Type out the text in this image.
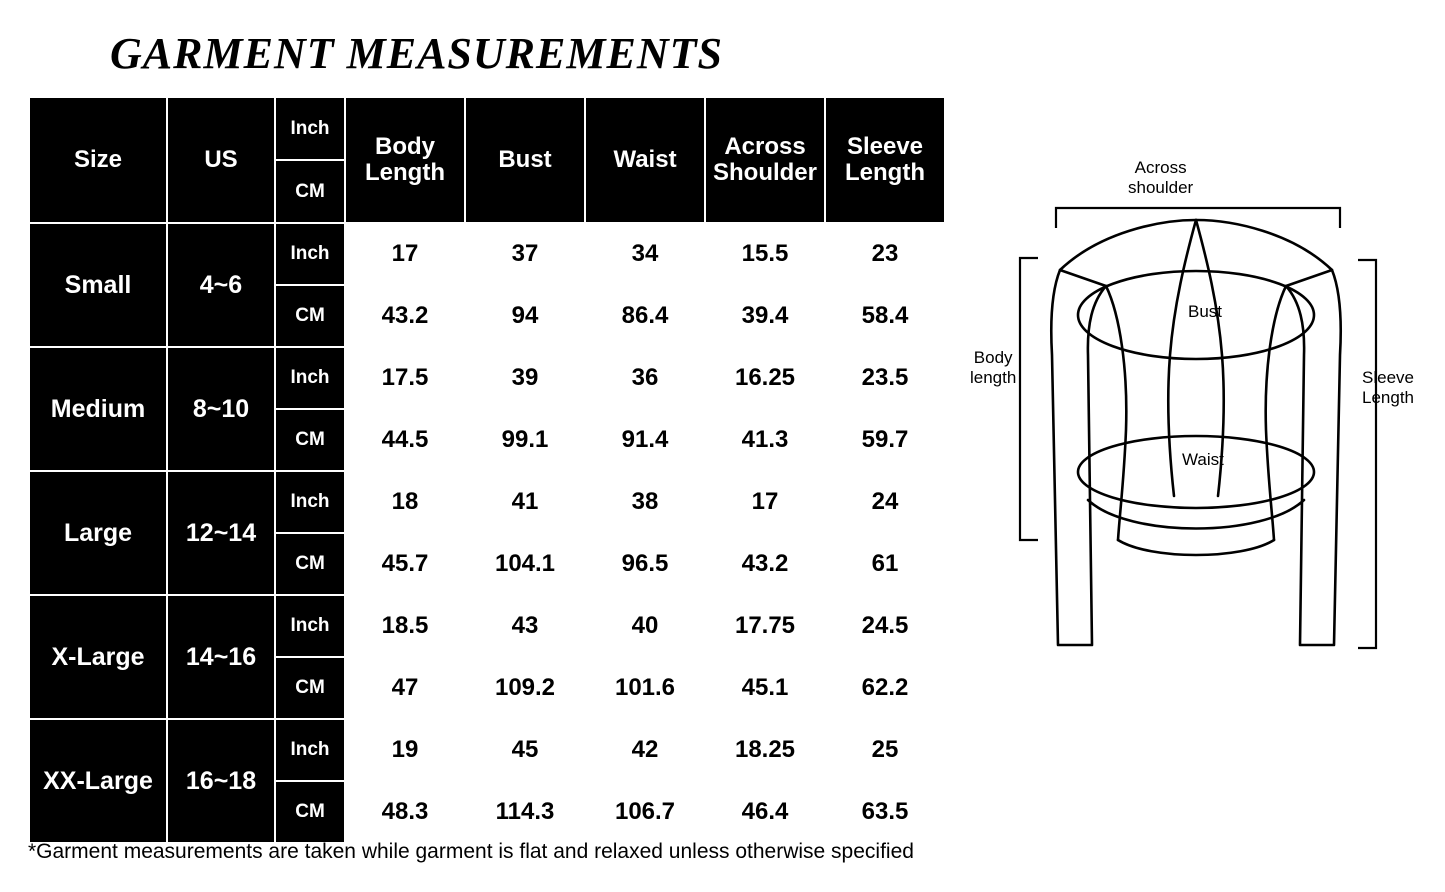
GARMENT MEASUREMENTS
Size	US	Inch	Body Length	Bust	Waist	Across Shoulder	Sleeve Length
		CM					
Small	4~6	Inch	17	37	34	15.5	23
		CM	43.2	94	86.4	39.4	58.4
Medium	8~10	Inch	17.5	39	36	16.25	23.5
		CM	44.5	99.1	91.4	41.3	59.7
Large	12~14	Inch	18	41	38	17	24
		CM	45.7	104.1	96.5	43.2	61
X-Large	14~16	Inch	18.5	43	40	17.75	24.5
		CM	47	109.2	101.6	45.1	62.2
XX-Large	16~18	Inch	19	45	42	18.25	25
		CM	48.3	114.3	106.7	46.4	63.5
*Garment measurements are taken while garment is flat and relaxed unless otherwise specified
Across
shoulder
Body
length	Sleeve
Length
Bust
Waist
